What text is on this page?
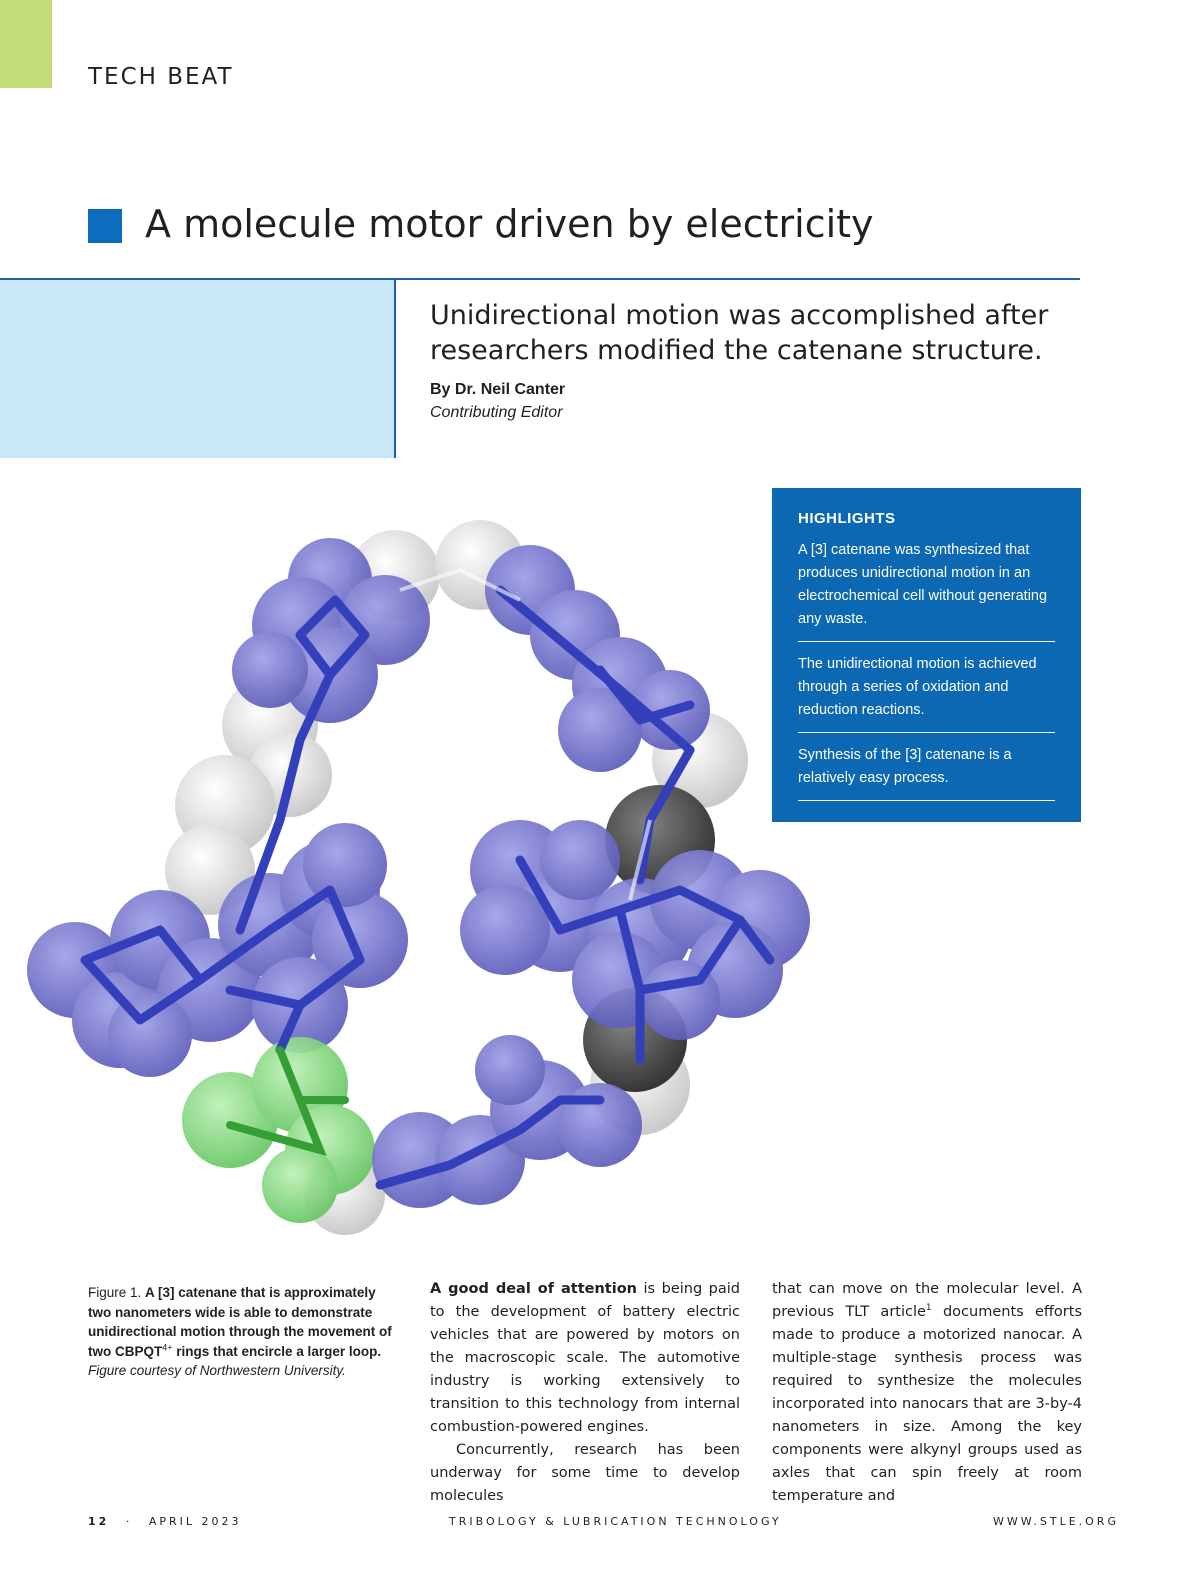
TECH BEAT
A molecule motor driven by electricity
Unidirectional motion was accomplished after
researchers modified the catenane structure.
By Dr. Neil Canter
Contributing Editor
HIGHLIGHTS
A [3] catenane was synthesized that produces unidirectional motion in an electrochemical cell without generating any waste.
The unidirectional motion is achieved through a series of oxidation and reduction reactions.
Synthesis of the [3] catenane is a relatively easy process.
Figure 1. A [3] catenane that is approximately two nanometers wide is able to demonstrate unidirectional motion through the movement of two $CBPQT^{4+}$ rings that encircle a larger loop.
Figure courtesy of Northwestern University.

A good deal of attention is being paid to the development of battery electric vehicles that are powered by motors on the macroscopic scale. The automotive industry is working extensively to transition to this technology from internal combustion-powered engines.

Concurrently, research has been underway for some time to develop molecules

that can move on the molecular level. A previous TLT article$^1$ documents efforts made to produce a motorized nanocar. A multiple-stage synthesis process was required to synthesize the molecules incorporated into nanocars that are 3-by-4 nanometers in size. Among the key components were alkynyl groups used as axles that can spin freely at room temperature and

12 · APRIL 2023	TRIBOLOGY & LUBRICATION TECHNOLOGY	WWW.STLE.ORG
